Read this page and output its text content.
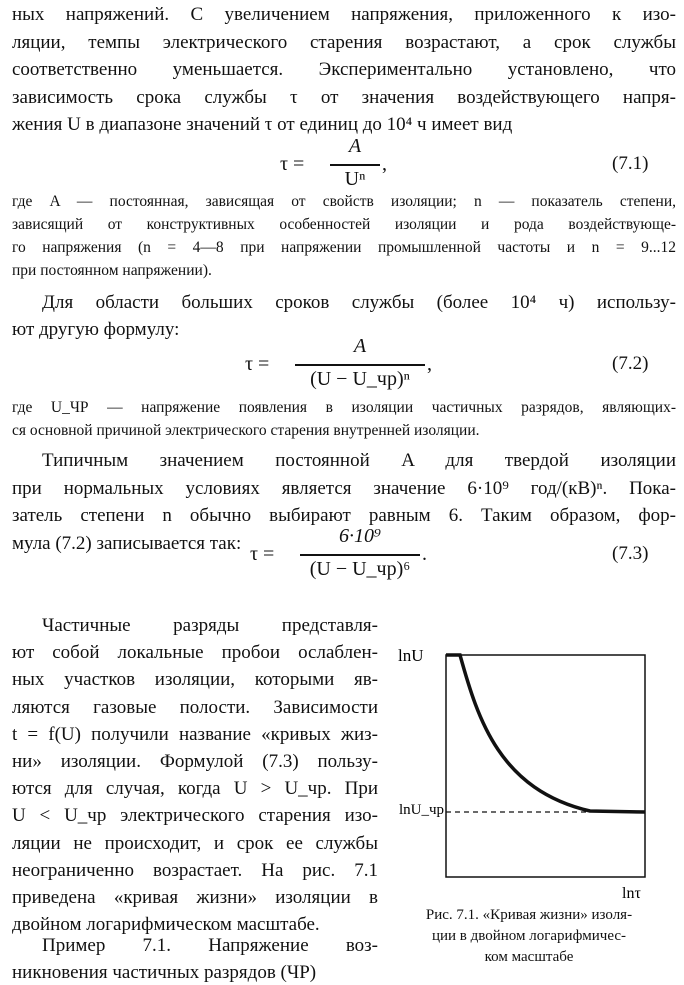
ных напряжений. С увеличением напряжения, приложенного к изо-
ляции, темпы электрического старения возрастают, а срок службы
соответственно уменьшается. Экспериментально установлено, что
зависимость срока службы τ от значения воздействующего напря-
жения U в диапазоне значений τ от единиц до 10⁴ ч имеет вид
τ =
A
Uⁿ
,	(7.1)
где A — постоянная, зависящая от свойств изоляции; n — показатель степени,
зависящий от конструктивных особенностей изоляции и рода воздействующе-
го напряжения (n = 4—8 при напряжении промышленной частоты и n = 9...12
при постоянном напряжении).
Для области больших сроков службы (более 10⁴ ч) использу-
ют другую формулу:
τ =
A
(U − U_чр)ⁿ
,	(7.2)
где U_ЧР — напряжение появления в изоляции частичных разрядов, являющих-
ся основной причиной электрического старения внутренней изоляции.
Типичным значением постоянной A для твердой изоляции
при нормальных условиях является значение 6·10⁹ год/(кВ)ⁿ. Пока-
затель степени n обычно выбирают равным 6. Таким образом, фор-
мула (7.2) записывается так: τ =
6·10⁹
(U − U_чр)⁶
.	(7.3)
Частичные разряды представля-
ют собой локальные пробои ослаблен-
ных участков изоляции, которыми яв-
ляются газовые полости. Зависимости
t = f(U) получили название «кривых жиз-
ни» изоляции. Формулой (7.3) пользу-
ются для случая, когда U > U_чр. При
U < U_чр электрического старения изо-
ляции не происходит, и срок ее службы
неограниченно возрастает. На рис. 7.1
приведена «кривая жизни» изоляции в
двойном логарифмическом масштабе.
Пример 7.1. Напряжение воз-
никновения частичных разрядов (ЧР)
lnU
lnU_чр
lnτ
Рис. 7.1. «Кривая жизни» изоля-
ции в двойном логарифмичес-
ком масштабе
